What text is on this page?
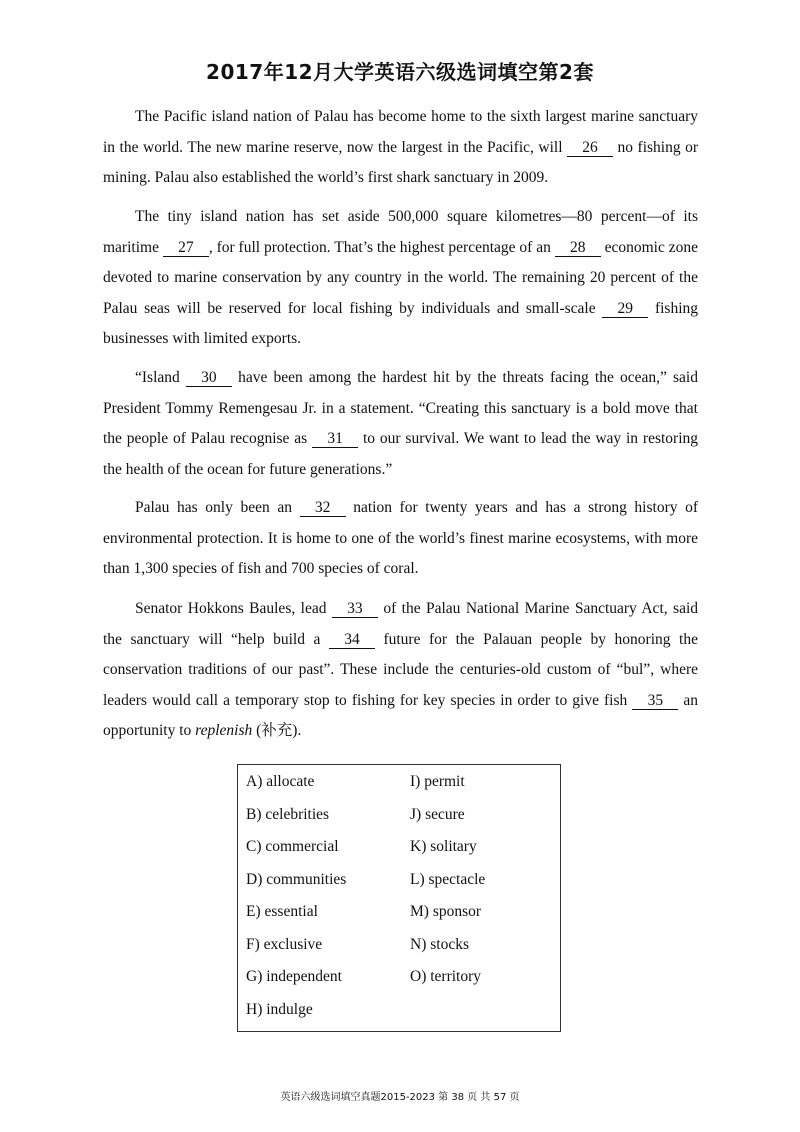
2017年12月大学英语六级选词填空第2套

The Pacific island nation of Palau has become home to the sixth largest marine sanctuary in the world. The new marine reserve, now the largest in the Pacific, will 26 no fishing or mining. Palau also established the world’s first shark sanctuary in 2009.

The tiny island nation has set aside 500,000 square kilometres—80 percent—of its maritime 27 , for full protection. That’s the highest percentage of an 28 economic zone devoted to marine conservation by any country in the world. The remaining 20 percent of the Palau seas will be reserved for local fishing by individuals and small-scale 29 fishing businesses with limited exports.

“Island 30 have been among the hardest hit by the threats facing the ocean,” said President Tommy Remengesau Jr. in a statement. “Creating this sanctuary is a bold move that the people of Palau recognise as 31 to our survival. We want to lead the way in restoring the health of the ocean for future generations.”

Palau has only been an 32 nation for twenty years and has a strong history of environmental protection. It is home to one of the world’s finest marine ecosystems, with more than 1,300 species of fish and 700 species of coral.

Senator Hokkons Baules, lead 33 of the Palau National Marine Sanctuary Act, said the sanctuary will “help build a 34 future for the Palauan people by honoring the conservation traditions of our past”. These include the centuries-old custom of “bul”, where leaders would call a temporary stop to fishing for key species in order to give fish 35 an opportunity to replenish (补充).

A) allocate
B) celebrities
C) commercial
D) communities
E) essential
F) exclusive
G) independent
H) indulge
I) permit
J) secure
K) solitary
L) spectacle
M) sponsor
N) stocks
O) territory
英语六级选词填空真题2015-2023 第 38 页 共 57 页
